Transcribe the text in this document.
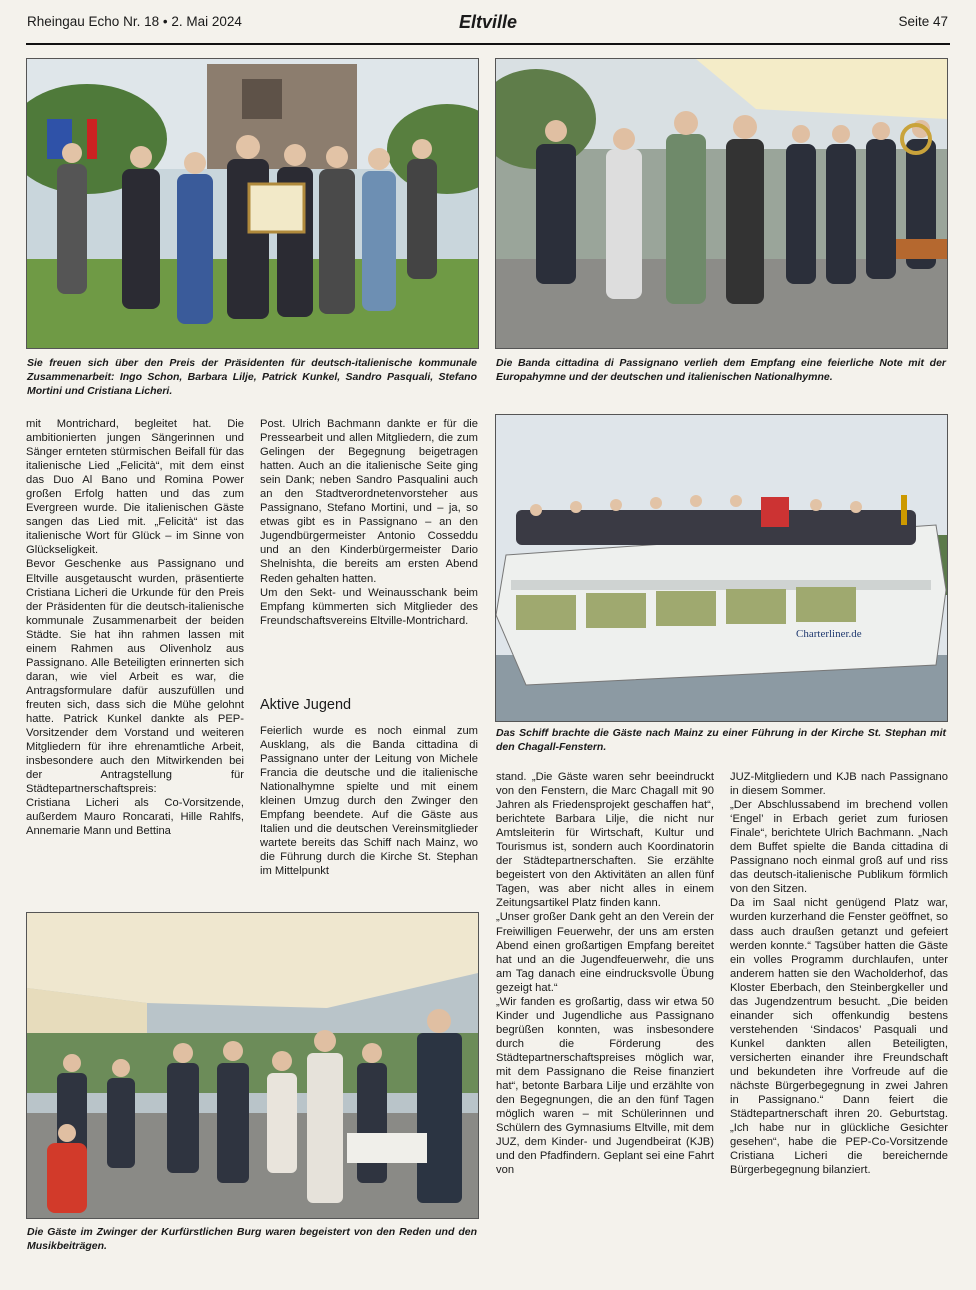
Rheingau Echo Nr. 18 • 2. Mai 2024	Eltville	Seite 47
Sie freuen sich über den Preis der Präsidenten für deutsch-italienische kommunale Zusammenarbeit: Ingo Schon, Barbara Lilje, Patrick Kunkel, Sandro Pasquali, Stefano Mortini und Cristiana Licheri.
Die Banda cittadina di Passignano verlieh dem Empfang eine feierliche Note mit der Europahymne und der deutschen und italienischen Nationalhymne.

mit Montrichard, begleitet hat. Die ambitionierten jungen Sängerinnen und Sänger ernteten stürmischen Beifall für das italienische Lied „Felicità“, mit dem einst das Duo Al Bano und Romina Power großen Erfolg hatten und das zum Evergreen wurde. Die italienischen Gäste sangen das Lied mit. „Felicità“ ist das italienische Wort für Glück – im Sinne von Glückseligkeit.

Bevor Geschenke aus Passignano und Eltville ausgetauscht wurden, präsentierte Cristiana Licheri die Urkunde für den Preis der Präsidenten für die deutsch-italienische kommunale Zusammenarbeit der beiden Städte. Sie hat ihn rahmen lassen mit einem Rahmen aus Olivenholz aus Passignano. Alle Beteiligten erinnerten sich daran, wie viel Arbeit es war, die Antragsformulare dafür auszufüllen und freuten sich, dass sich die Mühe gelohnt hatte. Patrick Kunkel dankte als PEP-Vorsitzender dem Vorstand und weiteren Mitgliedern für ihre ehrenamtliche Arbeit, insbesondere auch den Mitwirkenden bei der Antragstellung für Städtepartnerschaftspreis:

Cristiana Licheri als Co-Vorsitzende, außerdem Mauro Roncarati, Hille Rahlfs, Annemarie Mann und Bettina

Post. Ulrich Bachmann dankte er für die Pressearbeit und allen Mitgliedern, die zum Gelingen der Begegnung beigetragen hatten. Auch an die italienische Seite ging sein Dank; neben Sandro Pasqualini auch an den Stadtverordnetenvorsteher aus Passignano, Stefano Mortini, und – ja, so etwas gibt es in Passignano – an den Jugendbürgermeister Antonio Cosseddu und an den Kinderbürgermeister Dario Shelnishta, die bereits am ersten Abend Reden gehalten hatten.

Um den Sekt- und Weinausschank beim Empfang kümmerten sich Mitglieder des Freundschaftsvereins Eltville-Montrichard.

Aktive Jugend

Feierlich wurde es noch einmal zum Ausklang, als die Banda cittadina di Passignano unter der Leitung von Michele Francia die deutsche und die italienische Nationalhymne spielte und mit einem kleinen Umzug durch den Zwinger den Empfang beendete. Auf die Gäste aus Italien und die deutschen Vereinsmitglieder wartete bereits das Schiff nach Mainz, wo die Führung durch die Kirche St. Stephan im Mittelpunkt

Charterliner.de
Das Schiff brachte die Gäste nach Mainz zu einer Führung in der Kirche St. Stephan mit den Chagall-Fenstern.

stand. „Die Gäste waren sehr beeindruckt von den Fenstern, die Marc Chagall mit 90 Jahren als Friedensprojekt geschaffen hat“, berichtete Barbara Lilje, die nicht nur Amtsleiterin für Wirtschaft, Kultur und Tourismus ist, sondern auch Koordinatorin der Städtepartnerschaften. Sie erzählte begeistert von den Aktivitäten an allen fünf Tagen, was aber nicht alles in einem Zeitungsartikel Platz finden kann.

„Unser großer Dank geht an den Verein der Freiwilligen Feuerwehr, der uns am ersten Abend einen großartigen Empfang bereitet hat und an die Jugendfeuerwehr, die uns am Tag danach eine eindrucksvolle Übung gezeigt hat.“

„Wir fanden es großartig, dass wir etwa 50 Kinder und Jugendliche aus Passignano begrüßen konnten, was insbesondere durch die Förderung des Städtepartnerschaftspreises möglich war, mit dem Passignano die Reise finanziert hat“, betonte Barbara Lilje und erzählte von den Begegnungen, die an den fünf Tagen möglich waren – mit Schülerinnen und Schülern des Gymnasiums Eltville, mit dem JUZ, dem Kinder- und Jugendbeirat (KJB) und den Pfadfindern. Geplant sei eine Fahrt von

JUZ-Mitgliedern und KJB nach Passignano in diesem Sommer.

„Der Abschlussabend im brechend vollen ‘Engel’ in Erbach geriet zum furiosen Finale“, berichtete Ulrich Bachmann. „Nach dem Buffet spielte die Banda cittadina di Passignano noch einmal groß auf und riss das deutsch-italienische Publikum förmlich von den Sitzen.

Da im Saal nicht genügend Platz war, wurden kurzerhand die Fenster geöffnet, so dass auch draußen getanzt und gefeiert werden konnte.“ Tagsüber hatten die Gäste ein volles Programm durchlaufen, unter anderem hatten sie den Wacholderhof, das Kloster Eberbach, den Steinbergkeller und das Jugendzentrum besucht. „Die beiden einander sich offenkundig bestens verstehenden ‘Sindacos’ Pasquali und Kunkel dankten allen Beteiligten, versicherten einander ihre Freundschaft und bekundeten ihre Vorfreude auf die nächste Bürgerbegegnung in zwei Jahren in Passignano.“ Dann feiert die Städtepartnerschaft ihren 20. Geburtstag. „Ich habe nur in glückliche Gesichter gesehen“, habe die PEP-Co-Vorsitzende Cristiana Licheri die bereichernde Bürgerbegegnung bilanziert.

Die Gäste im Zwinger der Kurfürstlichen Burg waren begeistert von den Reden und den Musikbeiträgen.
